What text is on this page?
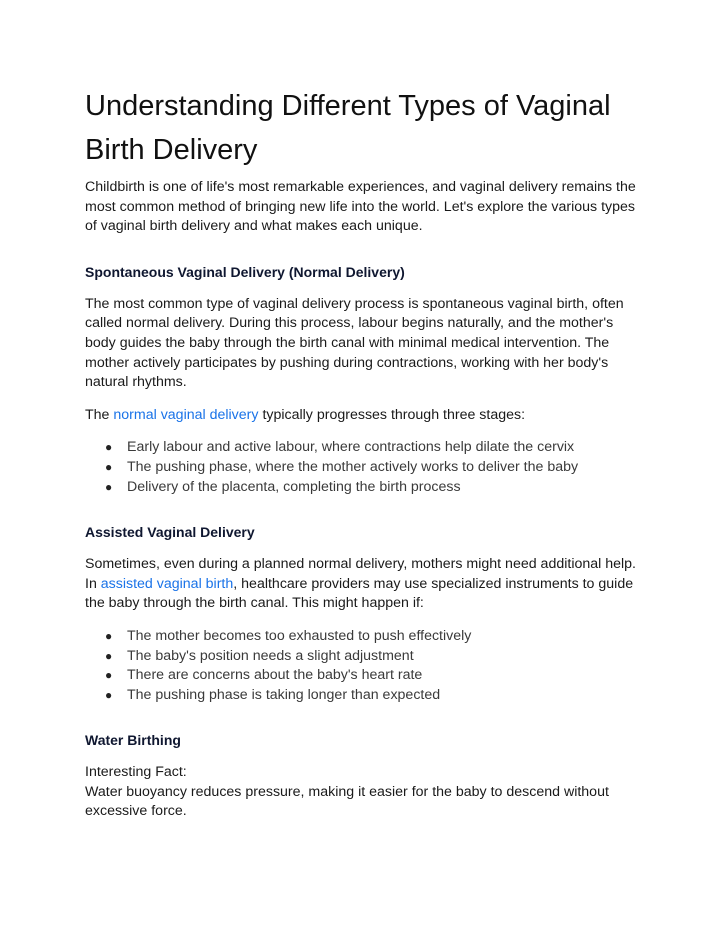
Understanding Different Types of Vaginal Birth Delivery

Childbirth is one of life's most remarkable experiences, and vaginal delivery remains the most common method of bringing new life into the world. Let's explore the various types of vaginal birth delivery and what makes each unique.

Spontaneous Vaginal Delivery (Normal Delivery)

The most common type of vaginal delivery process is spontaneous vaginal birth, often called normal delivery. During this process, labour begins naturally, and the mother's body guides the baby through the birth canal with minimal medical intervention. The mother actively participates by pushing during contractions, working with her body's natural rhythms.

The normal vaginal delivery typically progresses through three stages:

● Early labour and active labour, where contractions help dilate the cervix
● The pushing phase, where the mother actively works to deliver the baby
● Delivery of the placenta, completing the birth process
Assisted Vaginal Delivery

Sometimes, even during a planned normal delivery, mothers might need additional help. In assisted vaginal birth, healthcare providers may use specialized instruments to guide the baby through the birth canal. This might happen if:

● The mother becomes too exhausted to push effectively
● The baby's position needs a slight adjustment
● There are concerns about the baby's heart rate
● The pushing phase is taking longer than expected
Water Birthing

Interesting Fact:

Water buoyancy reduces pressure, making it easier for the baby to descend without excessive force.
